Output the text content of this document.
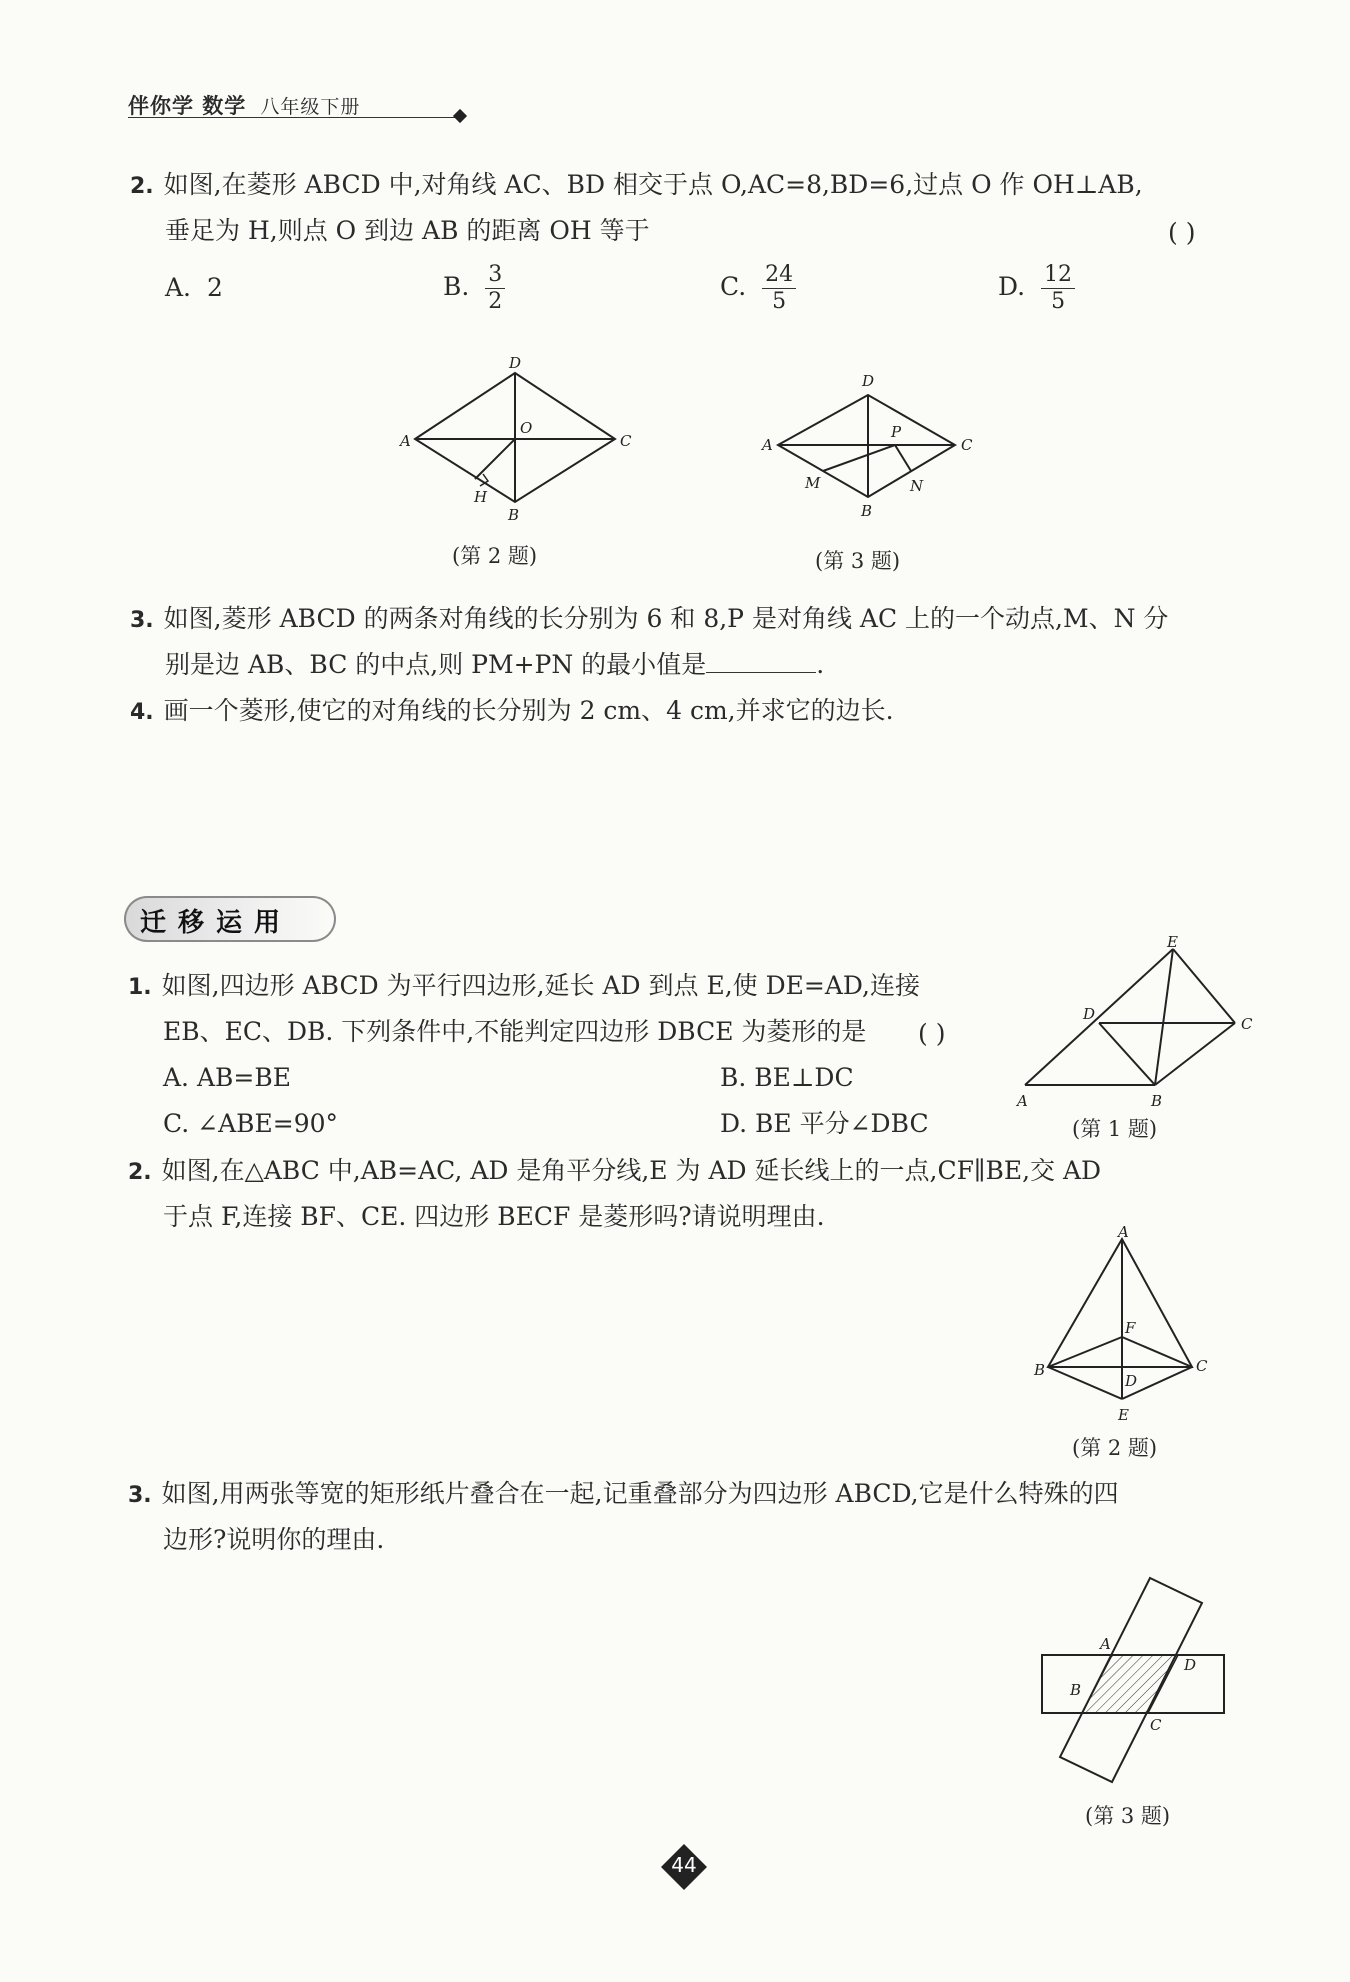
伴你学 数学 八年级下册
2. 如图,在菱形 ABCD 中,对角线 AC、BD 相交于点 O,AC=8,BD=6,过点 O 作 OH⊥AB,
垂足为 H,则点 O 到边 AB 的距离 OH 等于	( )
A. 2	B. $\frac{3}{2}$	C. $\frac{24}{5}$	D. $\frac{12}{5}$
A
D
C
B
O
H
(第 2 题)
A
D
C
B
P
M	N
(第 3 题)
3. 如图,菱形 ABCD 的两条对角线的长分别为 6 和 8,P 是对角线 AC 上的一个动点,M、N 分
别是边 AB、BC 的中点,则 PM+PN 的最小值是	.
4. 画一个菱形,使它的对角线的长分别为 2 cm、4 cm,并求它的边长.
迁移运用
1. 如图,四边形 ABCD 为平行四边形,延长 AD 到点 E,使 DE=AD,连接
EB、EC、DB. 下列条件中,不能判定四边形 DBCE 为菱形的是 ( )
A. AB=BE	B. BE⊥DC
C. ∠ABE=90°	D. BE 平分∠DBC
A	B
C
D
E
(第 1 题)
2. 如图,在△ABC 中,AB=AC, AD 是角平分线,E 为 AD 延长线上的一点,CF∥BE,交 AD
于点 F,连接 BF、CE. 四边形 BECF 是菱形吗?请说明理由.
A
B	C
D
E
F
(第 2 题)
3. 如图,用两张等宽的矩形纸片叠合在一起,记重叠部分为四边形 ABCD,它是什么特殊的四
边形?说明你的理由.
A
B
C
D
(第 3 题)
44
